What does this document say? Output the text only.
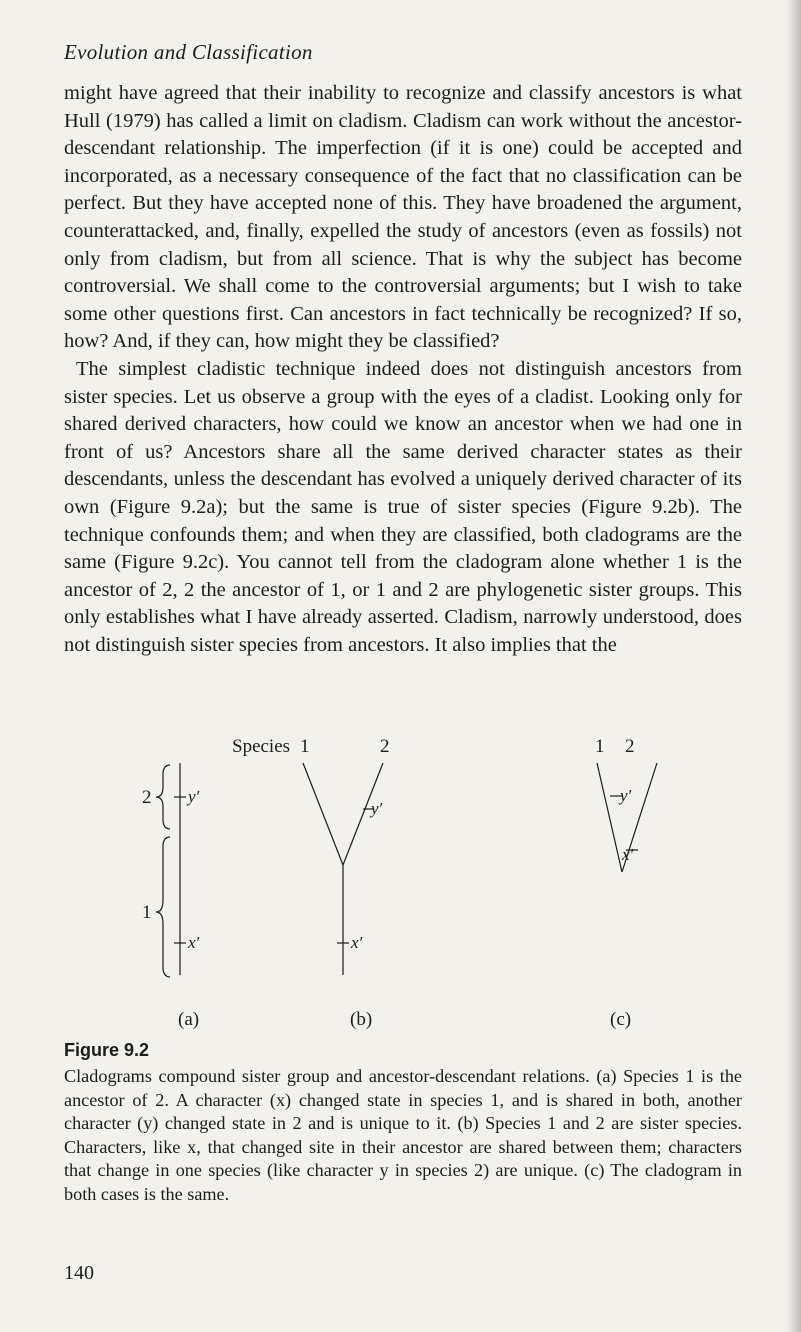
Evolution and Classification

might have agreed that their inability to recognize and classify ancestors is what Hull (1979) has called a limit on cladism. Cladism can work without the ancestor-descendant relationship. The imperfection (if it is one) could be accepted and incorporated, as a necessary consequence of the fact that no classification can be perfect. But they have accepted none of this. They have broadened the argument, counterattacked, and, finally, expelled the study of ancestors (even as fossils) not only from cladism, but from all science. That is why the subject has become controversial. We shall come to the controversial arguments; but I wish to take some other questions first. Can ancestors in fact technically be recognized? If so, how? And, if they can, how might they be classified?

The simplest cladistic technique indeed does not distinguish ancestors from sister species. Let us observe a group with the eyes of a cladist. Looking only for shared derived characters, how could we know an ancestor when we had one in front of us? Ancestors share all the same derived character states as their descendants, unless the descendant has evolved a uniquely derived character of its own (Figure 9.2a); but the same is true of sister species (Figure 9.2b). The technique confounds them; and when they are classified, both cladograms are the same (Figure 9.2c). You cannot tell from the cladogram alone whether 1 is the ancestor of 2, 2 the ancestor of 1, or 1 and 2 are phylogenetic sister groups. This only establishes what I have already asserted. Cladism, narrowly understood, does not distinguish sister species from ancestors. It also implies that the

Species 1	2	1 2
2
1
y′
x′
y′
x′
y′
x′
(a)	(b)	(c)
Figure 9.2
Cladograms compound sister group and ancestor-descendant relations. (a) Species 1 is the ancestor of 2. A character (x) changed state in species 1, and is shared in both, another character (y) changed state in 2 and is unique to it. (b) Species 1 and 2 are sister species. Characters, like x, that changed site in their ancestor are shared between them; characters that change in one species (like character y in species 2) are unique. (c) The cladogram in both cases is the same.
140
